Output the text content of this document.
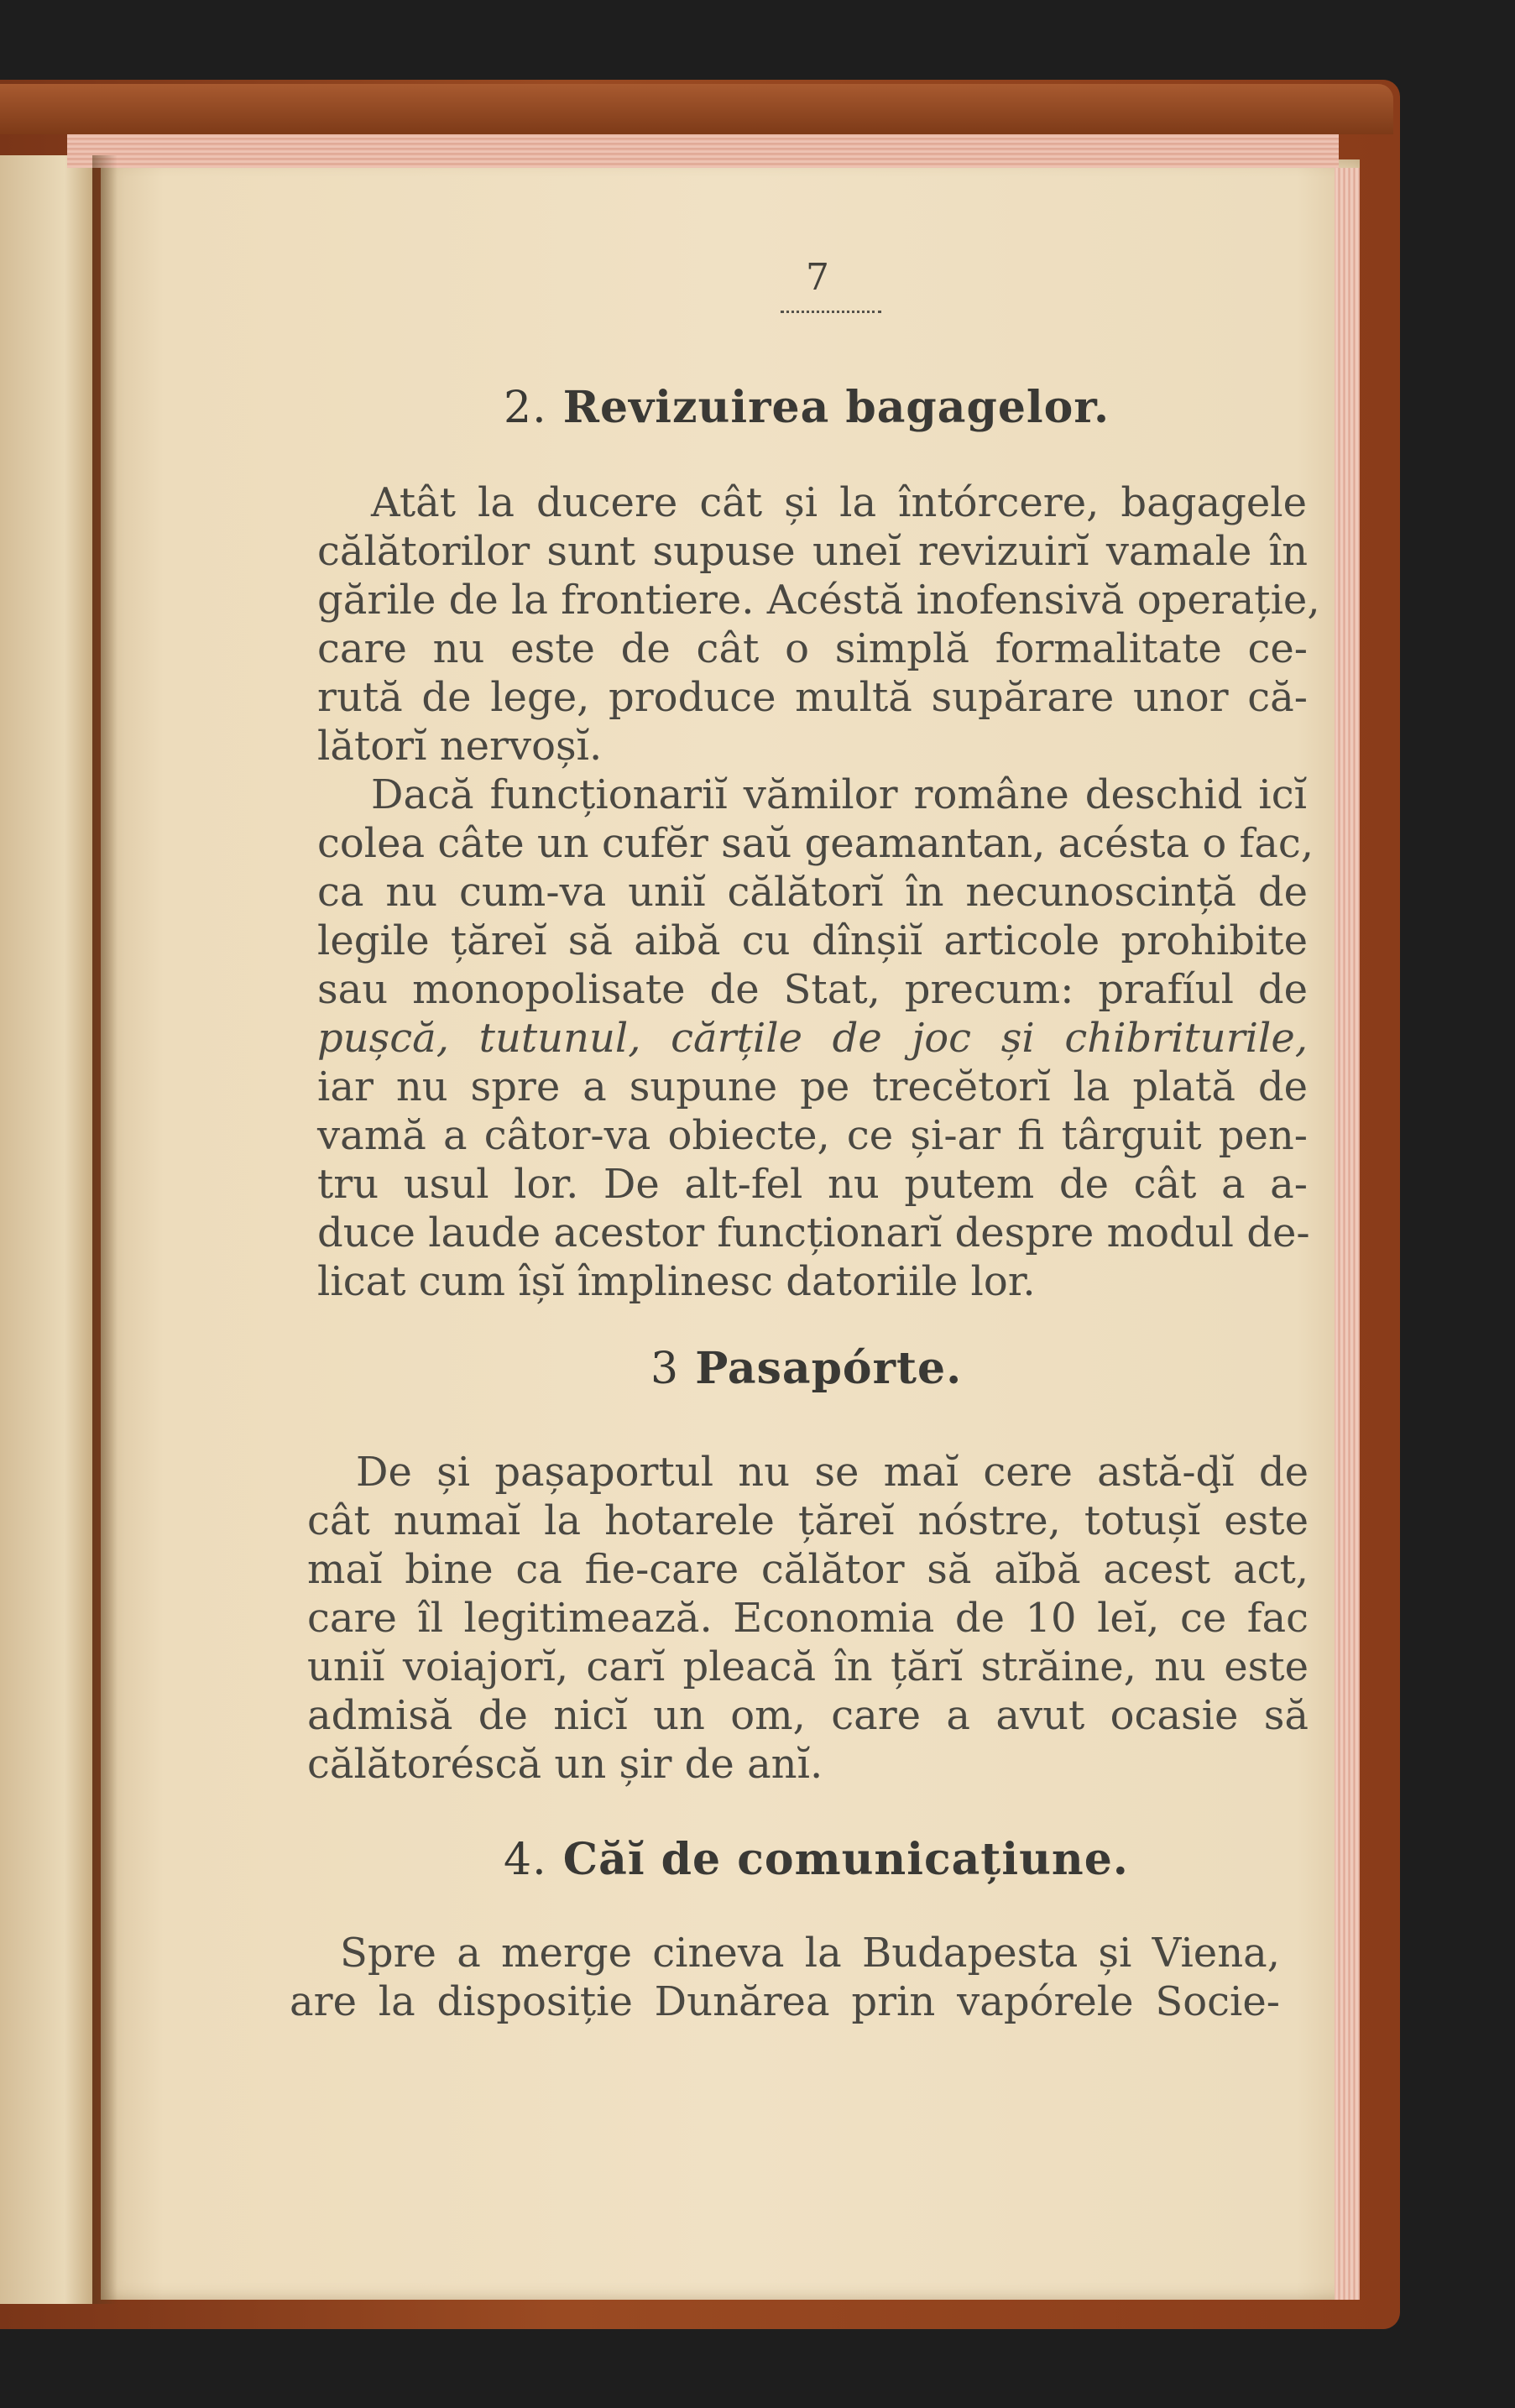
7
2. Revizuirea bagagelor.
Atât la ducere cât și la întórcere, bagagele
călătorilor sunt supuse uneĭ revizuirĭ vamale în
gările de la frontiere. Acéstă inofensivă operație,
care nu este de cât o simplă formalitate ce-
rută de lege, produce multă supărare unor că-
lătorĭ nervoșĭ.
Dacă funcționariĭ vămilor române deschid icĭ
colea câte un cufĕr saŭ geamantan, acésta o fac,
ca nu cum-va uniĭ călătorĭ în necunoscință de
legile țăreĭ să aibă cu dînșiĭ articole prohibite
sau monopolisate de Stat, precum: prafíul de
pușcă, tutunul, cărțile de joc și chibriturile,
iar nu spre a supune pe trecĕtorĭ la plată de
vamă a câtor-va obiecte, ce și-ar fi târguit pen-
tru usul lor. De alt-fel nu putem de cât a a-
duce laude acestor funcționarĭ despre modul de-
licat cum îșĭ împlinesc datoriile lor.
3 Pasapórte.
De și pașaportul nu se maĭ cere astă-ḑĭ de
cât numaĭ la hotarele țăreĭ nóstre, totușĭ este
maĭ bine ca fie-care călător să aĭbă acest act,
care îl legitimează. Economia de 10 leĭ, ce fac
uniĭ voiajorĭ, carĭ pleacă în țărĭ străine, nu este
admisă de nicĭ un om, care a avut ocasie să
călătoréscă un șir de anĭ.
4. Căĭ de comunicațiune.
Spre a merge cineva la Budapesta și Viena,
are la disposiție Dunărea prin vapórele Socie-
